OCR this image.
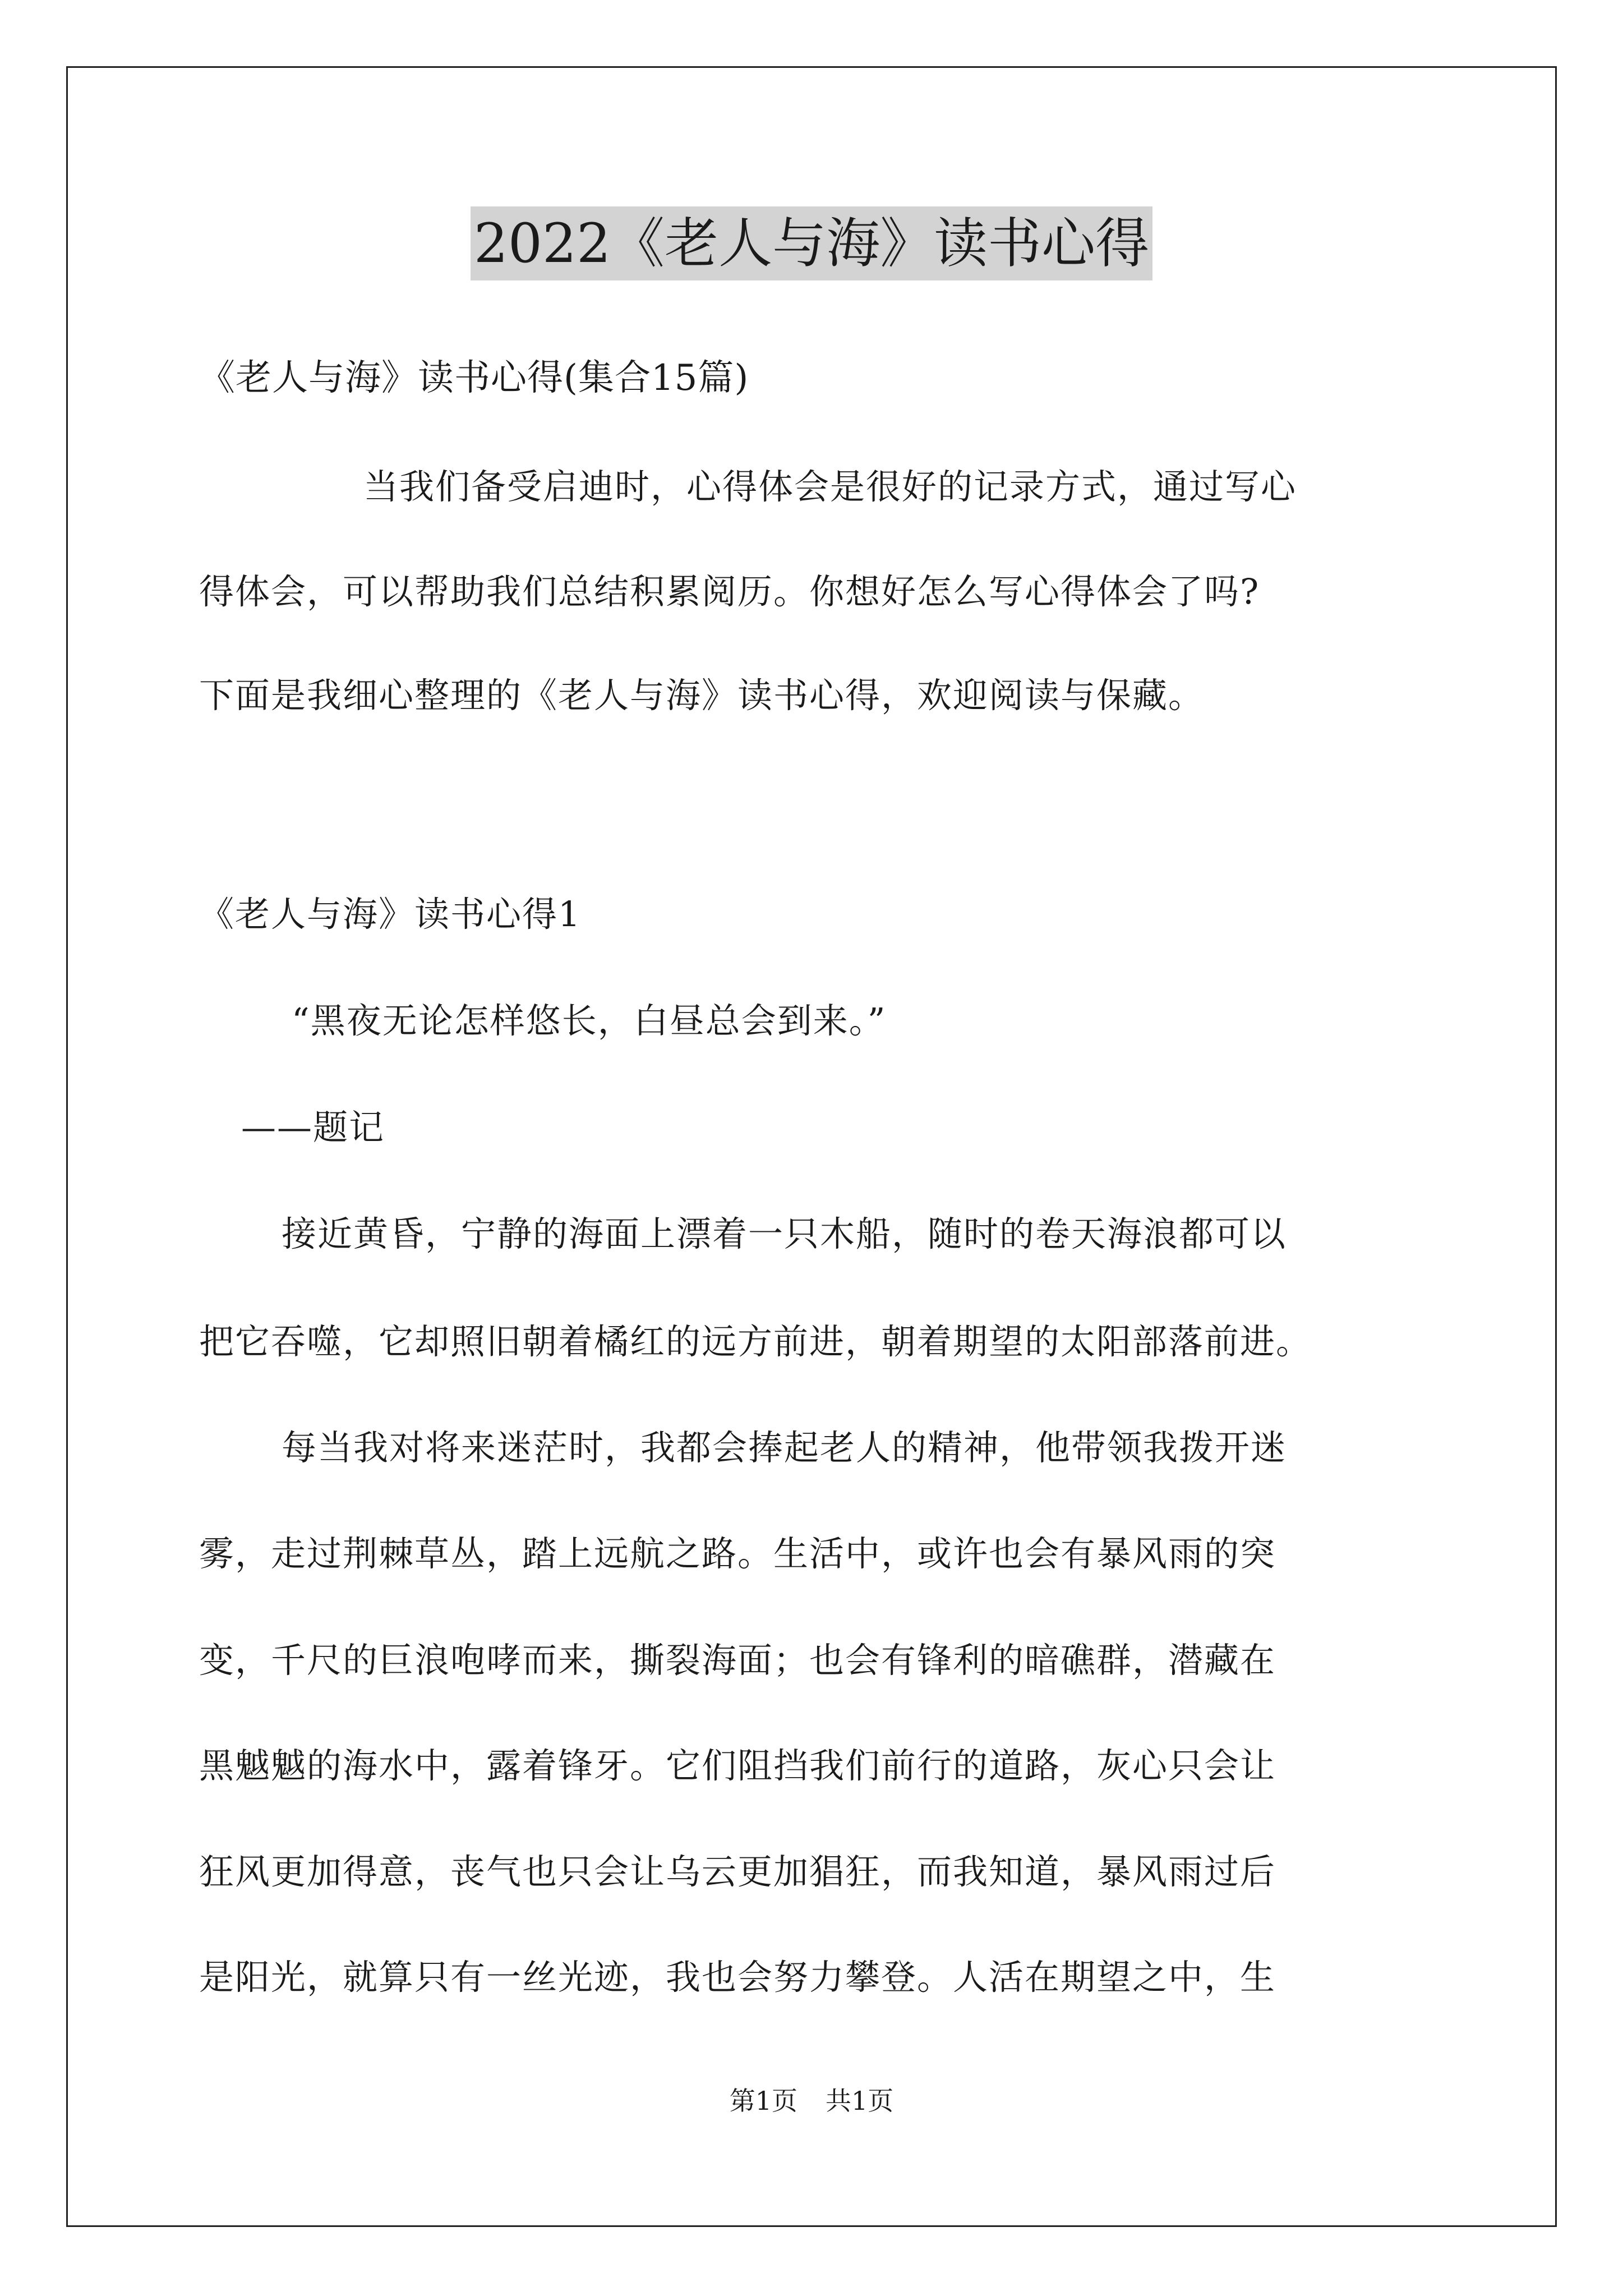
2022《老人与海》读书心得
《老人与海》读书心得(集合15篇)
当我们备受启迪时，心得体会是很好的记录方式，通过写心
得体会，可以帮助我们总结积累阅历。你想好怎么写心得体会了吗?
下面是我细心整理的《老人与海》读书心得，欢迎阅读与保藏。
《老人与海》读书心得1
“黑夜无论怎样悠长，白昼总会到来。”
——题记
接近黄昏，宁静的海面上漂着一只木船，随时的卷天海浪都可以
把它吞噬，它却照旧朝着橘红的远方前进，朝着期望的太阳部落前进。
每当我对将来迷茫时，我都会捧起老人的精神，他带领我拨开迷
雾，走过荆棘草丛，踏上远航之路。生活中，或许也会有暴风雨的突
变，千尺的巨浪咆哮而来，撕裂海面；也会有锋利的暗礁群，潜藏在
黑魆魆的海水中，露着锋牙。它们阻挡我们前行的道路，灰心只会让
狂风更加得意，丧气也只会让乌云更加猖狂，而我知道，暴风雨过后
是阳光，就算只有一丝光迹，我也会努力攀登。人活在期望之中，生
第1页 共1页
